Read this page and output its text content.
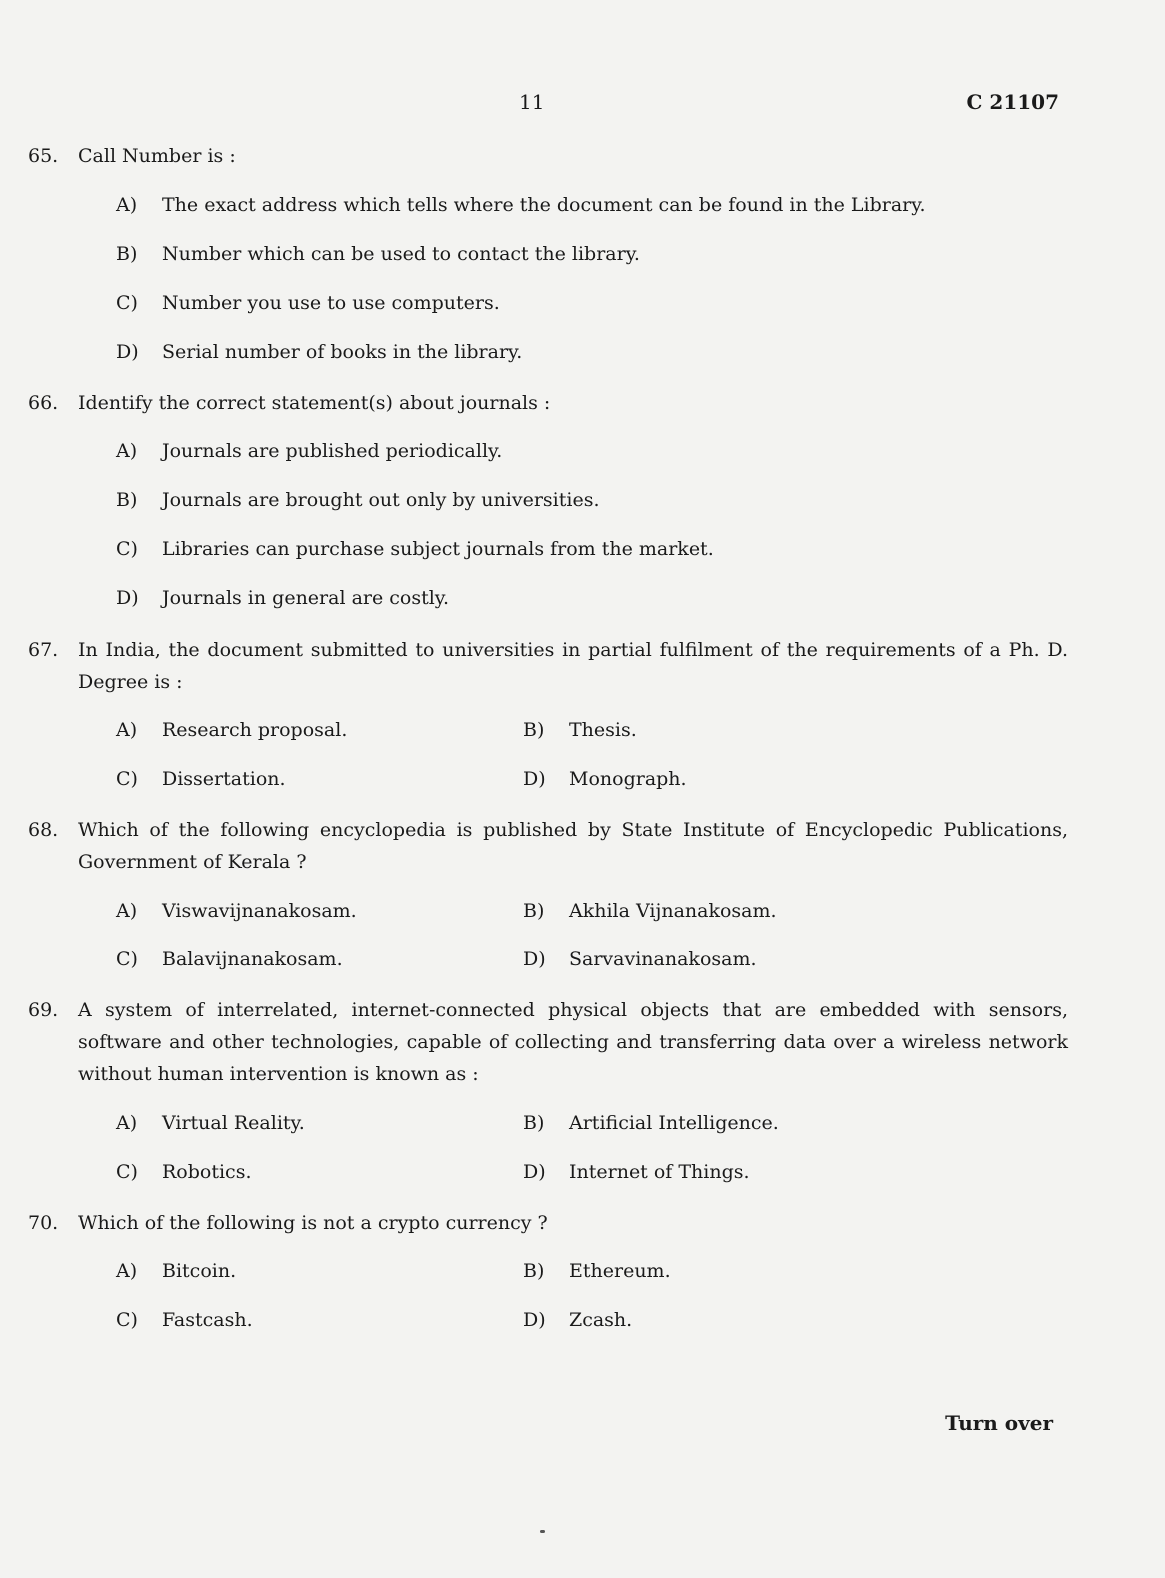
11	C 21107
65. Call Number is :
A) The exact address which tells where the document can be found in the Library.
B) Number which can be used to contact the library.
C) Number you use to use computers.
D) Serial number of books in the library.
66. Identify the correct statement(s) about journals :
A) Journals are published periodically.
B) Journals are brought out only by universities.
C) Libraries can purchase subject journals from the market.
D) Journals in general are costly.
67. In India, the document submitted to universities in partial fulfilment of the requirements of a Ph. D. Degree is :
A) Research proposal.	B) Thesis.
C) Dissertation.	D) Monograph.
68. Which of the following encyclopedia is published by State Institute of Encyclopedic Publications, Government of Kerala ?
A) Viswavijnanakosam.	B) Akhila Vijnanakosam.
C) Balavijnanakosam.	D) Sarvavinanakosam.
69. A system of interrelated, internet-connected physical objects that are embedded with sensors, software and other technologies, capable of collecting and transferring data over a wireless network without human intervention is known as :
A) Virtual Reality.	B) Artificial Intelligence.
C) Robotics.	D) Internet of Things.
70. Which of the following is not a crypto currency ?
A) Bitcoin.	B) Ethereum.
C) Fastcash.	D) Zcash.
Turn over
